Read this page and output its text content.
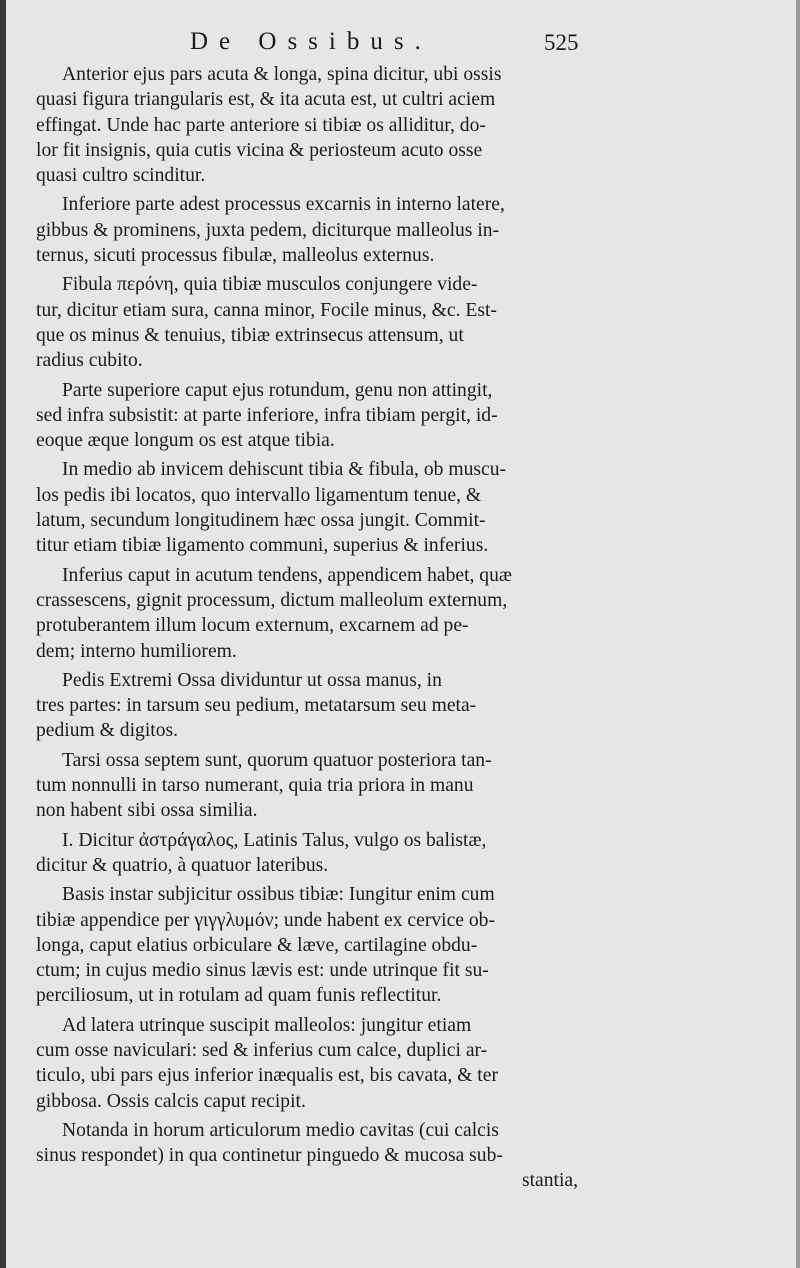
De Ossibus.	525
Anterior ejus pars acuta & longa, spina dicitur, ubi ossis
quasi figura triangularis est, & ita acuta est, ut cultri aciem
effingat. Unde hac parte anteriore si tibiæ os alliditur, do-
lor fit insignis, quia cutis vicina & periosteum acuto osse
quasi cultro scinditur.
Inferiore parte adest processus excarnis in interno latere,
gibbus & prominens, juxta pedem, diciturque malleolus in-
ternus, sicuti processus fibulæ, malleolus externus.
Fibula περόνη, quia tibiæ musculos conjungere vide-
tur, dicitur etiam sura, canna minor, Focile minus, &c. Est-
que os minus & tenuius, tibiæ extrinsecus attensum, ut
radius cubito.
Parte superiore caput ejus rotundum, genu non attingit,
sed infra subsistit: at parte inferiore, infra tibiam pergit, id-
eoque æque longum os est atque tibia.
In medio ab invicem dehiscunt tibia & fibula, ob muscu-
los pedis ibi locatos, quo intervallo ligamentum tenue, &
latum, secundum longitudinem hæc ossa jungit. Commit-
titur etiam tibiæ ligamento communi, superius & inferius.
Inferius caput in acutum tendens, appendicem habet, quæ
crassescens, gignit processum, dictum malleolum externum,
protuberantem illum locum externum, excarnem ad pe-
dem; interno humiliorem.
Pedis Extremi Ossa dividuntur ut ossa manus, in
tres partes: in tarsum seu pedium, metatarsum seu meta-
pedium & digitos.
Tarsi ossa septem sunt, quorum quatuor posteriora tan-
tum nonnulli in tarso numerant, quia tria priora in manu
non habent sibi ossa similia.
I. Dicitur ἀστράγαλος, Latinis Talus, vulgo os balistæ,
dicitur & quatrio, à quatuor lateribus.
Basis instar subjicitur ossibus tibiæ: Iungitur enim cum
tibiæ appendice per γιγγλυμόν; unde habent ex cervice ob-
longa, caput elatius orbiculare & læve, cartilagine obdu-
ctum; in cujus medio sinus lævis est: unde utrinque fit su-
perciliosum, ut in rotulam ad quam funis reflectitur.
Ad latera utrinque suscipit malleolos: jungitur etiam
cum osse naviculari: sed & inferius cum calce, duplici ar-
ticulo, ubi pars ejus inferior inæqualis est, bis cavata, & ter
gibbosa. Ossis calcis caput recipit.
Notanda in horum articulorum medio cavitas (cui calcis
sinus respondet) in qua continetur pinguedo & mucosa sub-
stantia,
